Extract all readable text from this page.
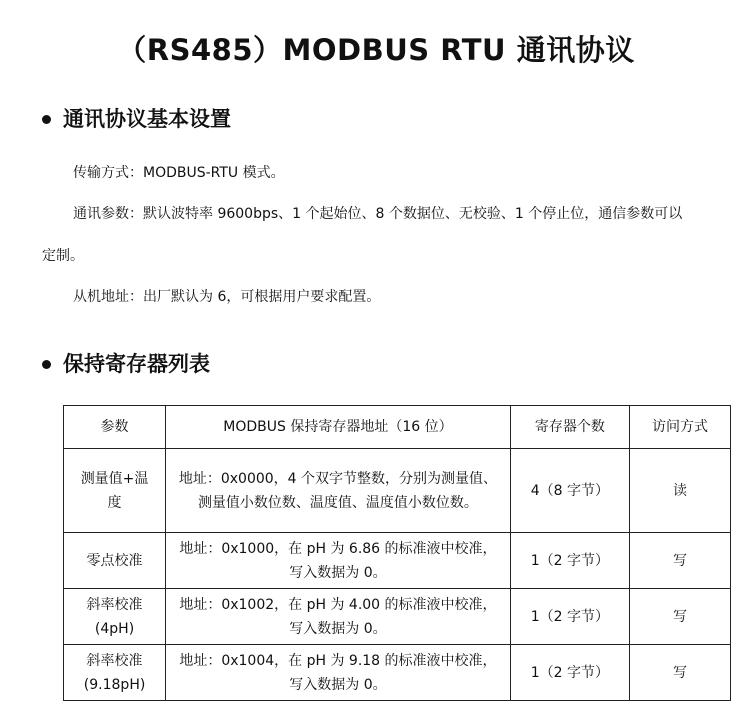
（RS485）MODBUS RTU 通讯协议
通讯协议基本设置
传输方式：MODBUS-RTU 模式。
通讯参数：默认波特率 9600bps、1 个起始位、8 个数据位、无校验、1 个停止位，通信参数可以
定制。
从机地址：出厂默认为 6，可根据用户要求配置。
保持寄存器列表
参数	MODBUS 保持寄存器地址（16 位）	寄存器个数	访问方式
测量值+温度	地址：0x0000，4 个双字节整数，分别为测量值、测量值小数位数、温度值、温度值小数位数。	4（8 字节）	读
零点校准	地址：0x1000，在 pH 为 6.86 的标准液中校准，写入数据为 0。	1（2 字节）	写
斜率校准(4pH)	地址：0x1002，在 pH 为 4.00 的标准液中校准，写入数据为 0。	1（2 字节）	写
斜率校准(9.18pH)	地址：0x1004，在 pH 为 9.18 的标准液中校准，写入数据为 0。	1（2 字节）	写
